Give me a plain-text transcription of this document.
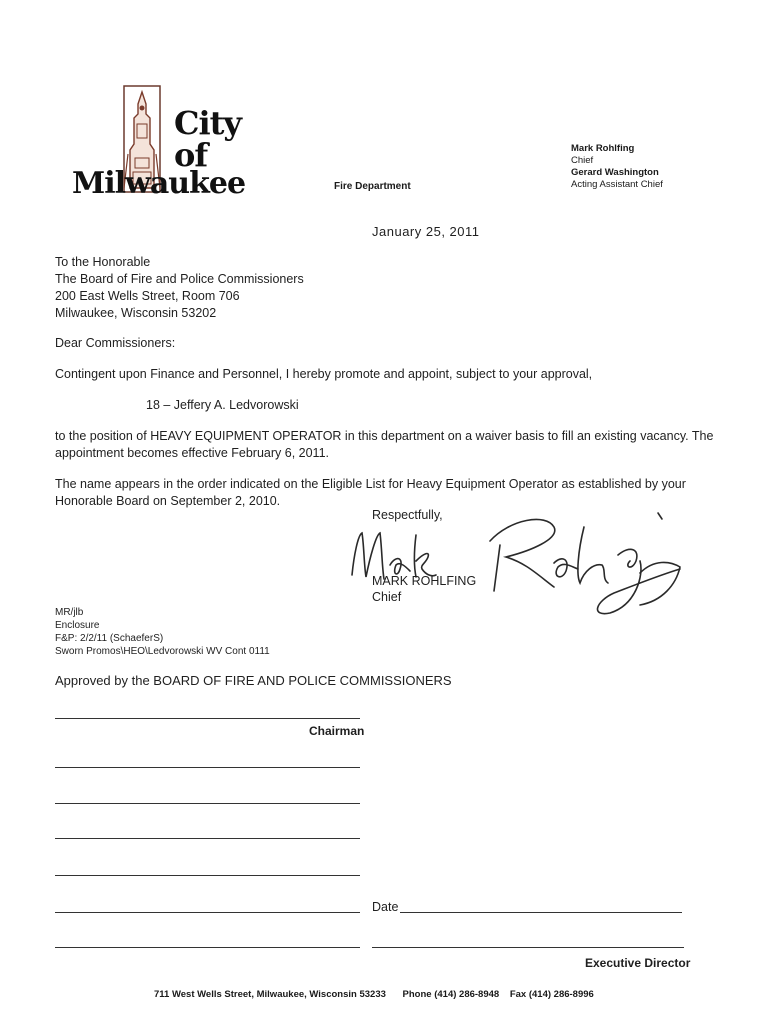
City
of
Milwaukee	Fire Department
Mark Rohlfing
Chief
Gerard Washington
Acting Assistant Chief
January 25, 2011
To the Honorable
The Board of Fire and Police Commissioners
200 East Wells Street, Room 706
Milwaukee, Wisconsin 53202
Dear Commissioners:
Contingent upon Finance and Personnel, I hereby promote and appoint, subject to your approval,
18 – Jeffery A. Ledvorowski
to the position of HEAVY EQUIPMENT OPERATOR in this department on a waiver basis to fill an existing vacancy. The
appointment becomes effective February 6, 2011.
The name appears in the order indicated on the Eligible List for Heavy Equipment Operator as established by your
Honorable Board on September 2, 2010.
Respectfully,
MARK ROHLFING
Chief
MR/jlb
Enclosure
F&P: 2/2/11 (SchaeferS)
Sworn Promos\HEO\Ledvorowski WV Cont 0111
Approved by the BOARD OF FIRE AND POLICE COMMISSIONERS
Chairman
Date
Executive Director
711 West Wells Street, Milwaukee, Wisconsin 53233 Phone (414) 286-8948 Fax (414) 286-8996
